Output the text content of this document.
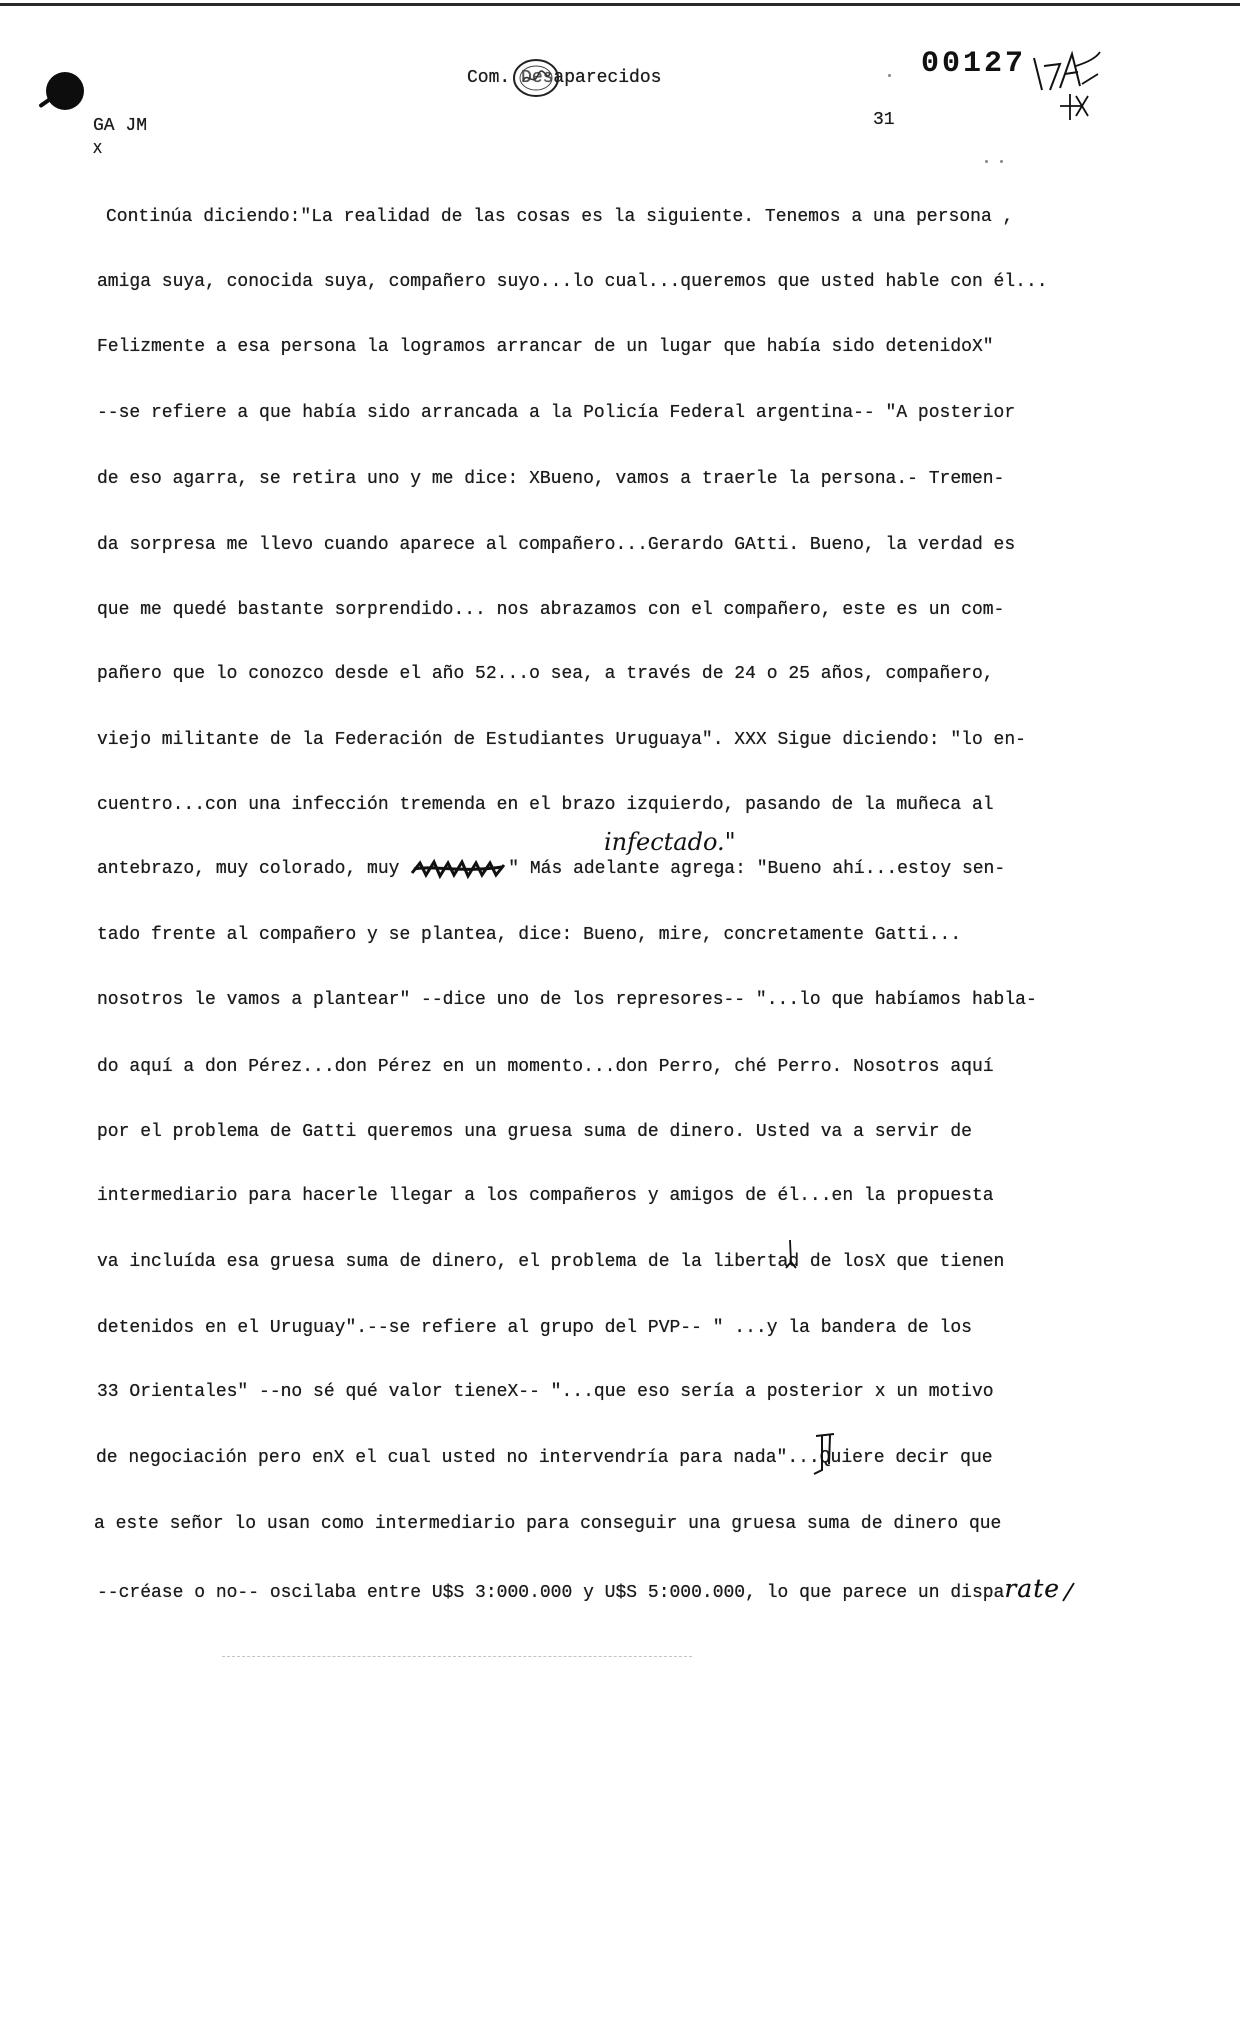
Com. Des
aparecidos	00127
GA JM
X
31
Continúa diciendo:"La realidad de las cosas es la siguiente. Tenemos a una persona ,
amiga suya, conocida suya, compañero suyo...lo cual...queremos que usted hable con él...
Felizmente a esa persona la logramos arrancar de un lugar que había sido detenidoX"
--se refiere a que había sido arrancada a la Policía Federal argentina-- "A posterior
de eso agarra, se retira uno y me dice: XBueno, vamos a traerle la persona.- Tremen-
da sorpresa me llevo cuando aparece al compañero...Gerardo GAtti. Bueno, la verdad es
que me quedé bastante sorprendido... nos abrazamos con el compañero, este es un com-
pañero que lo conozco desde el año 52...o sea, a través de 24 o 25 años, compañero,
viejo militante de la Federación de Estudiantes Uruguaya". XXX Sigue diciendo: "lo en-
cuentro...con una infección tremenda en el brazo izquierdo, pasando de la muñeca al
infectado."
antebrazo, muy colorado, muy	" Más adelante agrega: "Bueno ahí...estoy sen-
tado frente al compañero y se plantea, dice: Bueno, mire, concretamente Gatti...
nosotros le vamos a plantear" --dice uno de los represores-- "...lo que habíamos habla-
do aquí a don Pérez...don Pérez en un momento...don Perro, ché Perro. Nosotros aquí
por el problema de Gatti queremos una gruesa suma de dinero. Usted va a servir de
intermediario para hacerle llegar a los compañeros y amigos de él...en la propuesta
va incluída esa gruesa suma de dinero, el problema de la libertad de losX que tienen
detenidos en el Uruguay".--se refiere al grupo del PVP-- " ...y la bandera de los
33 Orientales" --no sé qué valor tieneX-- "...que eso sería a posterior x un motivo
de negociación pero enX el cual usted no intervendría para nada"...Quiere decir que
a este señor lo usan como intermediario para conseguir una gruesa suma de dinero que
--créase o no-- oscilaba entre U$S 3:000.000 y U$S 5:000.000, lo que parece un disparate
